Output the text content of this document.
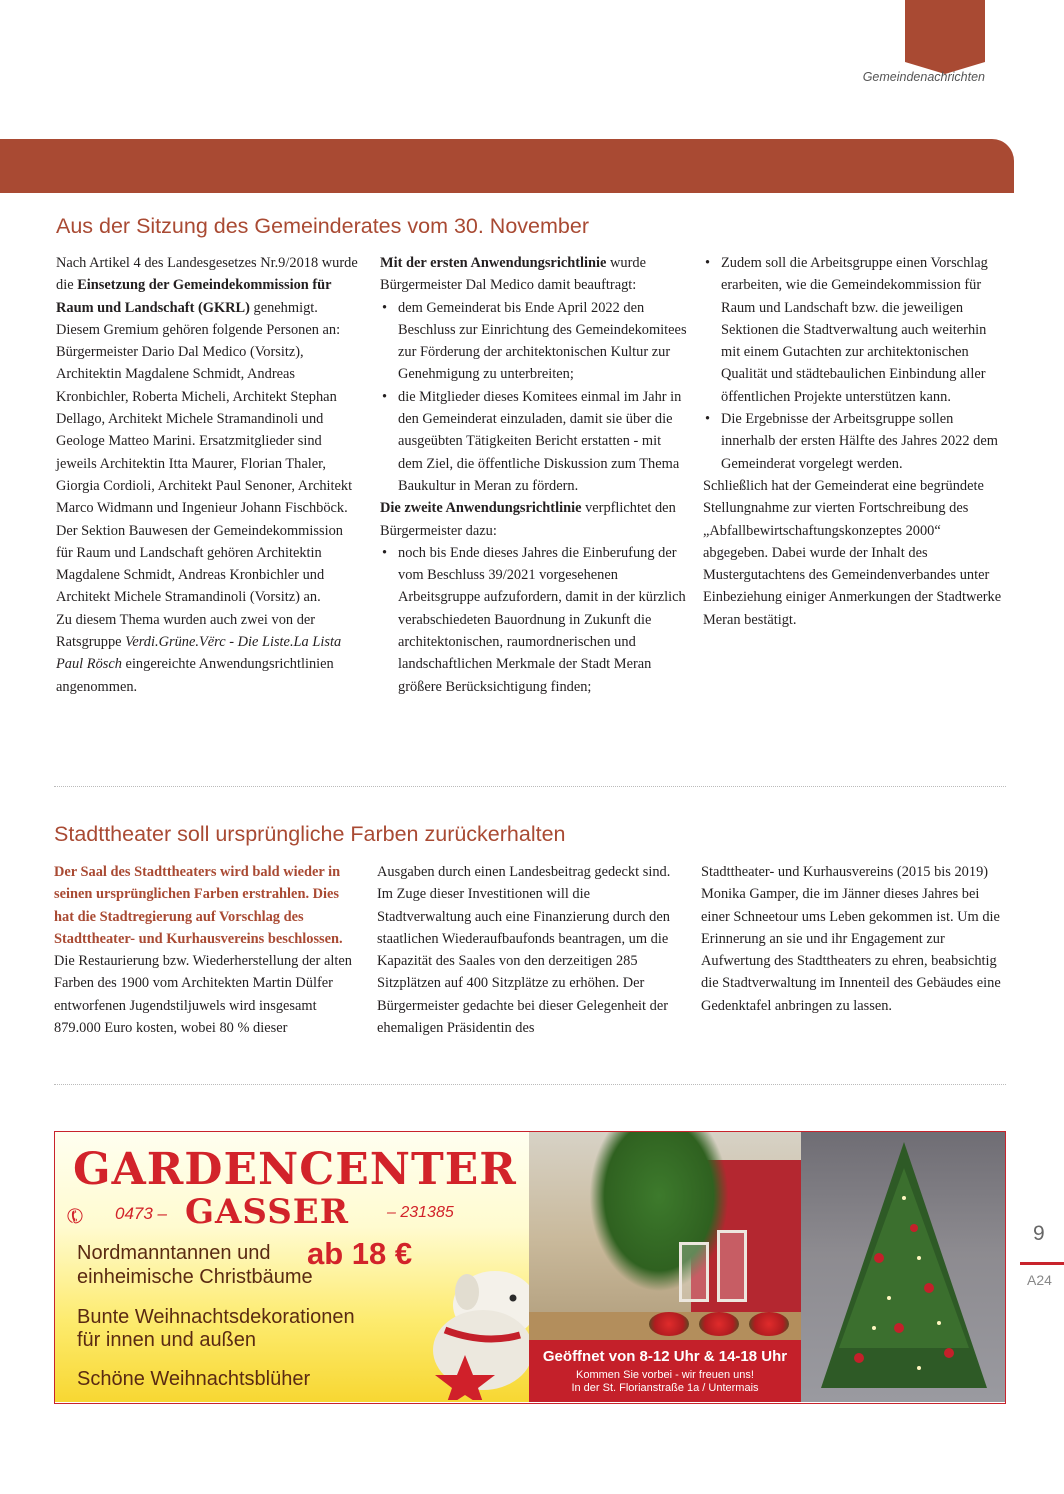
Gemeindenachrichten
Aus der Sitzung des Gemeinderates vom 30. November

Nach Artikel 4 des Landesgesetzes Nr.9/2018 wurde die Einsetzung der Gemeindekommission für Raum und Landschaft (GKRL) genehmigt. Diesem Gremium gehören folgende Personen an: Bürgermeister Dario Dal Medico (Vorsitz), Architektin Magdalene Schmidt, Andreas Kronbichler, Roberta Micheli, Architekt Stephan Dellago, Architekt Michele Stramandinoli und Geologe Matteo Marini. Ersatzmitglieder sind jeweils Architektin Itta Maurer, Florian Thaler, Giorgia Cordioli, Architekt Paul Senoner, Architekt Marco Widmann und Ingenieur Johann Fischböck. Der Sektion Bauwesen der Gemeindekommission für Raum und Landschaft gehören Architektin Magdalene Schmidt, Andreas Kronbichler und Architekt Michele Stramandinoli (Vorsitz) an.

Zu diesem Thema wurden auch zwei von der Ratsgruppe Verdi.Grüne.Vërc - Die Liste.La Lista Paul Rösch eingereichte Anwendungsrichtlinien angenommen.

Mit der ersten Anwendungsrichtlinie wurde Bürgermeister Dal Medico damit beauftragt:

• dem Gemeinderat bis Ende April 2022 den Beschluss zur Einrichtung des Gemeindekomitees zur Förderung der architektonischen Kultur zur Genehmigung zu unterbreiten;
• die Mitglieder dieses Komitees einmal im Jahr in den Gemeinderat einzuladen, damit sie über die ausgeübten Tätigkeiten Bericht erstatten - mit dem Ziel, die öffentliche Diskussion zum Thema Baukultur in Meran zu fördern.

Die zweite Anwendungsrichtlinie verpflichtet den Bürgermeister dazu:

• noch bis Ende dieses Jahres die Einberufung der vom Beschluss 39/2021 vorgesehenen Arbeitsgruppe aufzufordern, damit in der kürzlich verabschiedeten Bauordnung in Zukunft die architektonischen, raumordnerischen und landschaftlichen Merkmale der Stadt Meran größere Berücksichtigung finden;
• Zudem soll die Arbeitsgruppe einen Vorschlag erarbeiten, wie die Gemeindekommission für Raum und Landschaft bzw. die jeweiligen Sektionen die Stadtverwaltung auch weiterhin mit einem Gutachten zur architektonischen Qualität und städtebaulichen Einbindung aller öffentlichen Projekte unterstützen kann.
• Die Ergebnisse der Arbeitsgruppe sollen innerhalb der ersten Hälfte des Jahres 2022 dem Gemeinderat vorgelegt werden.

Schließlich hat der Gemeinderat eine begründete Stellungnahme zur vierten Fortschreibung des „Abfallbewirtschaftungskonzeptes 2000“ abgegeben. Dabei wurde der Inhalt des Mustergutachtens des Gemeindenverbandes unter Einbeziehung einiger Anmerkungen der Stadtwerke Meran bestätigt.

Stadttheater soll ursprüngliche Farben zurückerhalten

Der Saal des Stadttheaters wird bald wieder in seinen ursprünglichen Farben erstrahlen. Dies hat die Stadtregierung auf Vorschlag des Stadttheater- und Kurhausvereins beschlossen.

Die Restaurierung bzw. Wiederherstellung der alten Farben des 1900 vom Architekten Martin Dülfer entworfenen Jugendstiljuwels wird insgesamt 879.000 Euro kosten, wobei 80 % dieser

Ausgaben durch einen Landesbeitrag gedeckt sind. Im Zuge dieser Investitionen will die Stadtverwaltung auch eine Finanzierung durch den staatlichen Wiederaufbaufonds beantragen, um die Kapazität des Saales von den derzeitigen 285 Sitzplätzen auf 400 Sitzplätze zu erhöhen. Der Bürgermeister gedachte bei dieser Gelegenheit der ehemaligen Präsidentin des

Stadttheater- und Kurhausvereins (2015 bis 2019) Monika Gamper, die im Jänner dieses Jahres bei einer Schneetour ums Leben gekommen ist. Um die Erinnerung an sie und ihr Engagement zur Aufwertung des Stadttheaters zu ehren, beabsichtig die Stadtverwaltung im Innenteil des Gebäudes eine Gedenktafel anbringen zu lassen.

GARDENCENTER
✆ 0473 – GASSER – 231385
Nordmanntannen und ab 18 €
einheimische Christbäume
Bunte Weihnachtsdekorationen
für innen und außen
Schöne Weihnachtsblüher
Geöffnet von 8-12 Uhr & 14-18 Uhr
Kommen Sie vorbei - wir freuen uns!
In der St. Florianstraße 1a / Untermais
9
A24
